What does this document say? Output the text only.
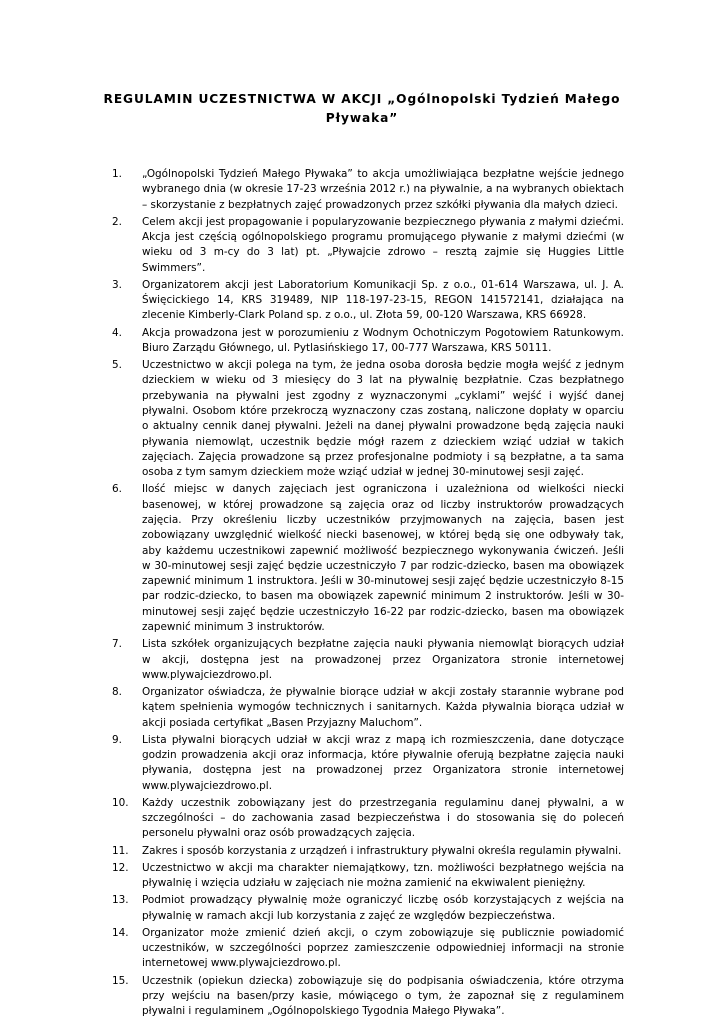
REGULAMIN UCZESTNICTWA W AKCJI „Ogólnopolski Tydzień Małego Pływaka”
1.	„Ogólnopolski Tydzień Małego Pływaka” to akcja umożliwiająca bezpłatne wejście jednego wybranego dnia (w okresie 17-23 września 2012 r.) na pływalnie, a na wybranych obiektach – skorzystanie z bezpłatnych zajęć prowadzonych przez szkółki pływania dla małych dzieci.
2.	Celem akcji jest propagowanie i popularyzowanie bezpiecznego pływania z małymi dziećmi. Akcja jest częścią ogólnopolskiego programu promującego pływanie z małymi dziećmi (w wieku od 3 m-cy do 3 lat) pt. „Pływajcie zdrowo – resztą zajmie się Huggies Little Swimmers”.
3.	Organizatorem akcji jest Laboratorium Komunikacji Sp. z o.o., 01-614 Warszawa, ul. J. A. Święcickiego 14, KRS 319489, NIP 118-197-23-15, REGON 141572141, działająca na zlecenie Kimberly-Clark Poland sp. z o.o., ul. Złota 59, 00-120 Warszawa, KRS 66928.
4.	Akcja prowadzona jest w porozumieniu z Wodnym Ochotniczym Pogotowiem Ratunkowym. Biuro Zarządu Głównego, ul. Pytlasińskiego 17, 00-777 Warszawa, KRS 50111.
5.	Uczestnictwo w akcji polega na tym, że jedna osoba dorosła będzie mogła wejść z jednym dzieckiem w wieku od 3 miesięcy do 3 lat na pływalnię bezpłatnie. Czas bezpłatnego przebywania na pływalni jest zgodny z wyznaczonymi „cyklami” wejść i wyjść danej pływalni. Osobom które przekroczą wyznaczony czas zostaną, naliczone dopłaty w oparciu o aktualny cennik danej pływalni. Jeżeli na danej pływalni prowadzone będą zajęcia nauki pływania niemowląt, uczestnik będzie mógł razem z dzieckiem wziąć udział w takich zajęciach. Zajęcia prowadzone są przez profesjonalne podmioty i są bezpłatne, a ta sama osoba z tym samym dzieckiem może wziąć udział w jednej 30-minutowej sesji zajęć.
6.	Ilość miejsc w danych zajęciach jest ograniczona i uzależniona od wielkości niecki basenowej, w której prowadzone są zajęcia oraz od liczby instruktorów prowadzących zajęcia. Przy określeniu liczby uczestników przyjmowanych na zajęcia, basen jest zobowiązany uwzględnić wielkość niecki basenowej, w której będą się one odbywały tak, aby każdemu uczestnikowi zapewnić możliwość bezpiecznego wykonywania ćwiczeń. Jeśli w 30-minutowej sesji zajęć będzie uczestniczyło 7 par rodzic-dziecko, basen ma obowiązek zapewnić minimum 1 instruktora. Jeśli w 30-minutowej sesji zajęć będzie uczestniczyło 8-15 par rodzic-dziecko, to basen ma obowiązek zapewnić minimum 2 instruktorów. Jeśli w 30-minutowej sesji zajęć będzie uczestniczyło 16-22 par rodzic-dziecko, basen ma obowiązek zapewnić minimum 3 instruktorów.
7.	Lista szkółek organizujących bezpłatne zajęcia nauki pływania niemowląt biorących udział w akcji, dostępna jest na prowadzonej przez Organizatora stronie internetowej www.plywajciezdrowo.pl.
8.	Organizator oświadcza, że pływalnie biorące udział w akcji zostały starannie wybrane pod kątem spełnienia wymogów technicznych i sanitarnych. Każda pływalnia biorąca udział w akcji posiada certyfikat „Basen Przyjazny Maluchom”.
9.	Lista pływalni biorących udział w akcji wraz z mapą ich rozmieszczenia, dane dotyczące godzin prowadzenia akcji oraz informacja, które pływalnie oferują bezpłatne zajęcia nauki pływania, dostępna jest na prowadzonej przez Organizatora stronie internetowej www.plywajciezdrowo.pl.
10.	Każdy uczestnik zobowiązany jest do przestrzegania regulaminu danej pływalni, a w szczególności – do zachowania zasad bezpieczeństwa i do stosowania się do poleceń personelu pływalni oraz osób prowadzących zajęcia.
11.	Zakres i sposób korzystania z urządzeń i infrastruktury pływalni określa regulamin pływalni.
12.	Uczestnictwo w akcji ma charakter niemajątkowy, tzn. możliwości bezpłatnego wejścia na pływalnię i wzięcia udziału w zajęciach nie można zamienić na ekwiwalent pieniężny.
13.	Podmiot prowadzący pływalnię może ograniczyć liczbę osób korzystających z wejścia na pływalnię w ramach akcji lub korzystania z zajęć ze względów bezpieczeństwa.
14.	Organizator może zmienić dzień akcji, o czym zobowiązuje się publicznie powiadomić uczestników, w szczególności poprzez zamieszczenie odpowiedniej informacji na stronie internetowej www.plywajciezdrowo.pl.
15.	Uczestnik (opiekun dziecka) zobowiązuje się do podpisania oświadczenia, które otrzyma przy wejściu na basen/przy kasie, mówiącego o tym, że zapoznał się z regulaminem pływalni i regulaminem „Ogólnopolskiego Tygodnia Małego Pływaka”.
